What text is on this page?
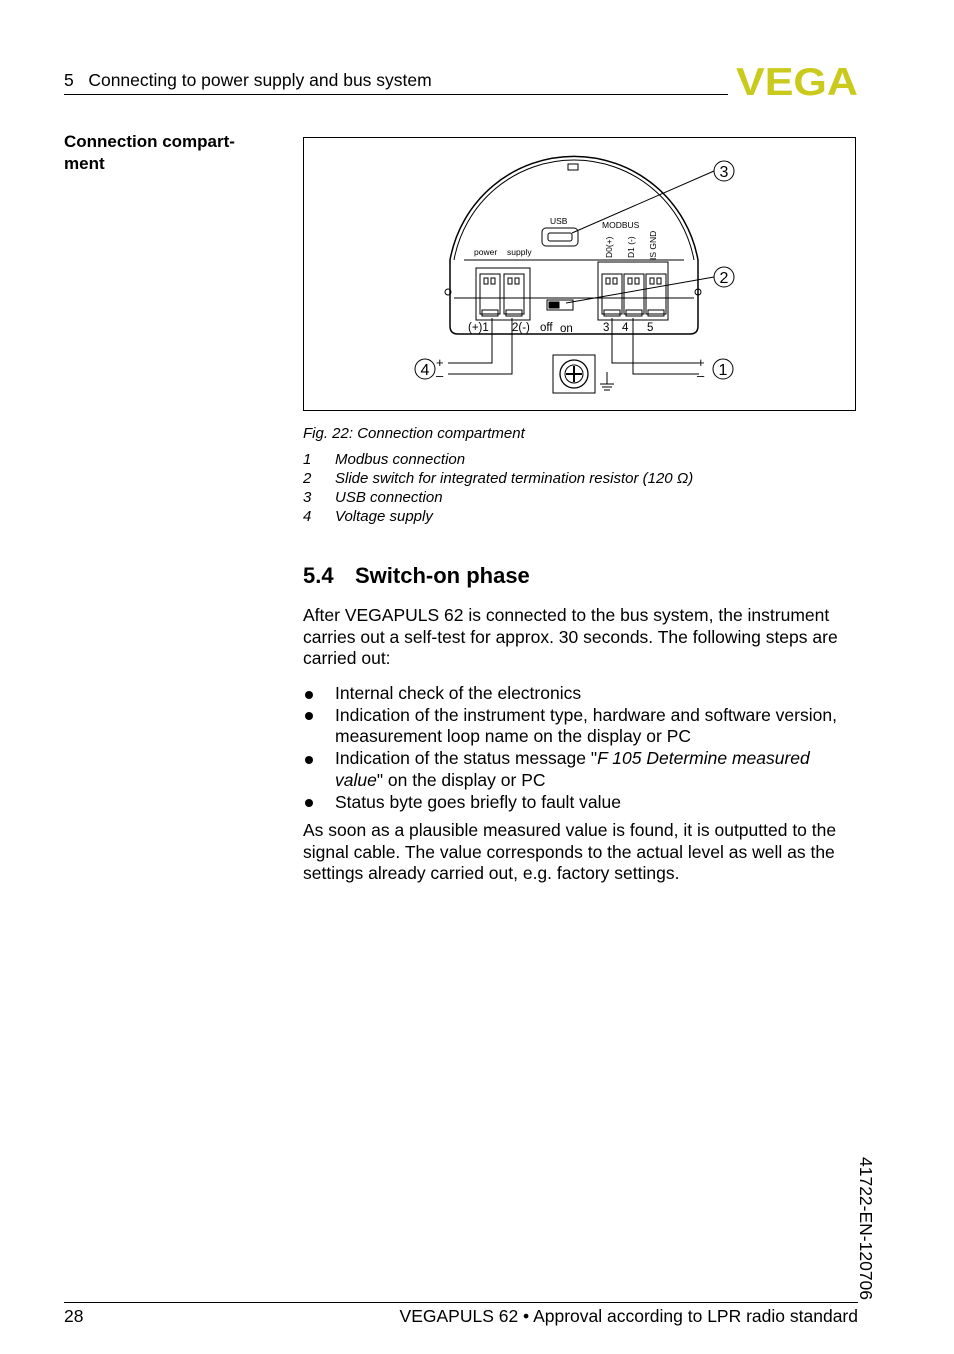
5   Connecting to power supply and bus system	VEGA
Connection compart-
ment
USB	MODBUS
power supply	D0(+) D1 (-) IS GND
(+)1 2(-) off on	3 4 5
+
–
+
–
3
2
4	1
Fig. 22: Connection compartment
1 Modbus connection
2 Slide switch for integrated termination resistor (120 Ω)
3 USB connection
4 Voltage supply
5.4 Switch-on phase
After VEGAPULS 62 is connected to the bus system, the instrument carries out a self-test for approx. 30 seconds. The following steps are carried out:
Internal check of the electronics
Indication of the instrument type, hardware and software version, measurement loop name on the display or PC
Indication of the status message "F 105 Determine measured value" on the display or PC
Status byte goes briefly to fault value
As soon as a plausible measured value is found, it is outputted to the signal cable. The value corresponds to the actual level as well as the settings already carried out, e.g. factory settings.
41722-EN-120706
28	VEGAPULS 62 • Approval according to LPR radio standard
